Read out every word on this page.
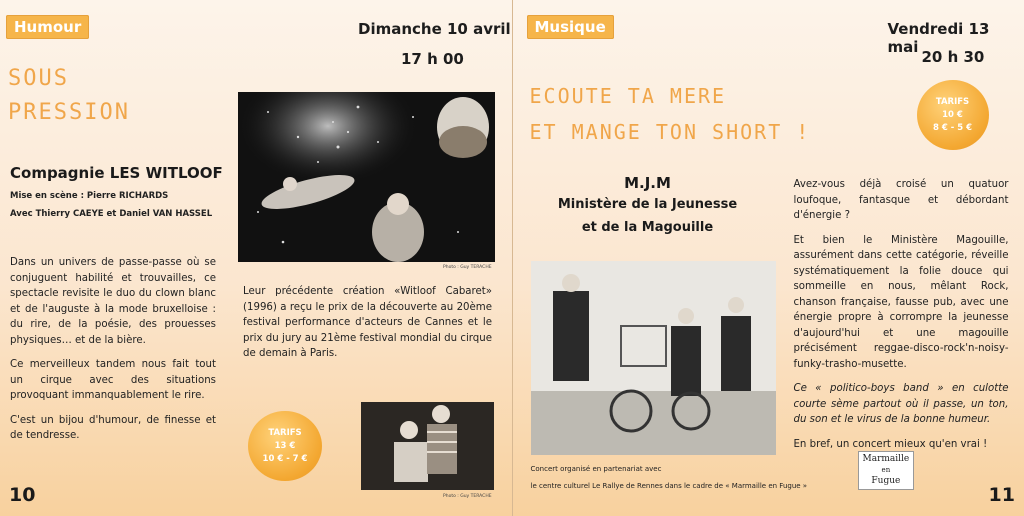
Humour	Dimanche 10 avril
17 h 00
SOUS
PRESSION
Compagnie LES WITLOOF
Mise en scène : Pierre RICHARDS
Avec Thierry CAEYE et Daniel VAN HASSEL

Dans un univers de passe-passe où se conjuguent habilité et trouvailles, ce spectacle revisite le duo du clown blanc et de l'auguste à la mode bruxelloise : du rire, de la poésie, des prouesses physiques… et de la bière.

Ce merveilleux tandem nous fait tout un cirque avec des situations provoquant immanquablement le rire.

C'est un bijou d'humour, de finesse et de tendresse.

Photo : Guy TERACHE

Leur précédente création «Witloof Cabaret» (1996) a reçu le prix de la découverte au 20ème festival performance d'acteurs de Cannes et le prix du jury au 21ème festival mondial du cirque de demain à Paris.

TARIFS
13 €
10 € - 7 €
Photo : Guy TERACHE
10
Musique	Vendredi 13 mai
20 h 30
ECOUTE TA MERE
ET MANGE TON SHORT !
TARIFS
10 €
8 € - 5 €
M.J.M
Ministère de la Jeunesse
et de la Magouille
Concert organisé en partenariat avec
le centre culturel Le Rallye de Rennes dans le cadre de « Marmaille en Fugue »

Avez-vous déjà croisé un quatuor loufoque, fantasque et débordant d'énergie ?

Et bien le Ministère Magouille, assurément dans cette catégorie, réveille systématiquement la folie douce qui sommeille en nous, mêlant Rock, chanson française, fausse pub, avec une énergie propre à corrompre la jeunesse d'aujourd'hui et une magouille précisément reggae-disco-rock'n-noisy-funky-trasho-musette.

Ce « politico-boys band » en culotte courte sème partout où il passe, un ton, du son et le virus de la bonne humeur.

En bref, un concert mieux qu'en vrai !

Marmaille
en
Fugue
11
